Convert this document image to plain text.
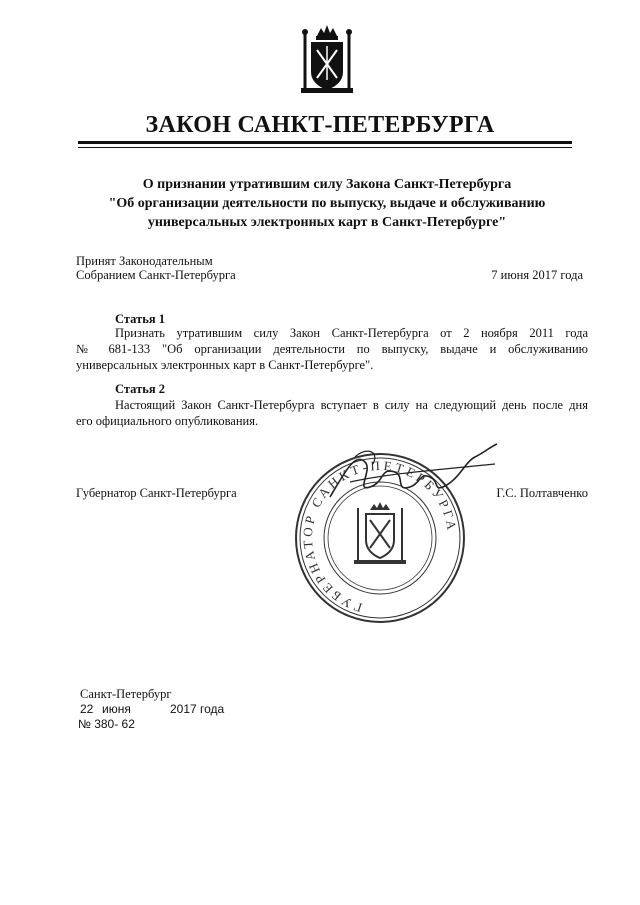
ЗАКОН САНКТ-ПЕТЕРБУРГА
О признании утратившим силу Закона Санкт-Петербурга
"Об организации деятельности по выпуску, выдаче и обслуживанию
универсальных электронных карт в Санкт-Петербурге"
Принят Законодательным
Собранием Санкт-Петербурга	7 июня 2017 года
Статья 1
Признать утратившим силу Закон Санкт-Петербурга от 2 ноября 2011 года
№ 681-133 "Об организации деятельности по выпуску, выдаче и обслуживанию
универсальных электронных карт в Санкт-Петербурге".
Статья 2
Настоящий Закон Санкт-Петербурга вступает в силу на следующий день после дня
его официального опубликования.
Губернатор Санкт-Петербурга	Г.С. Полтавченко
ГУБЕРНАТОР САНКТ-ПЕТЕРБУРГА
Санкт-Петербург
22 июня	2017 года
№ 380- 62
